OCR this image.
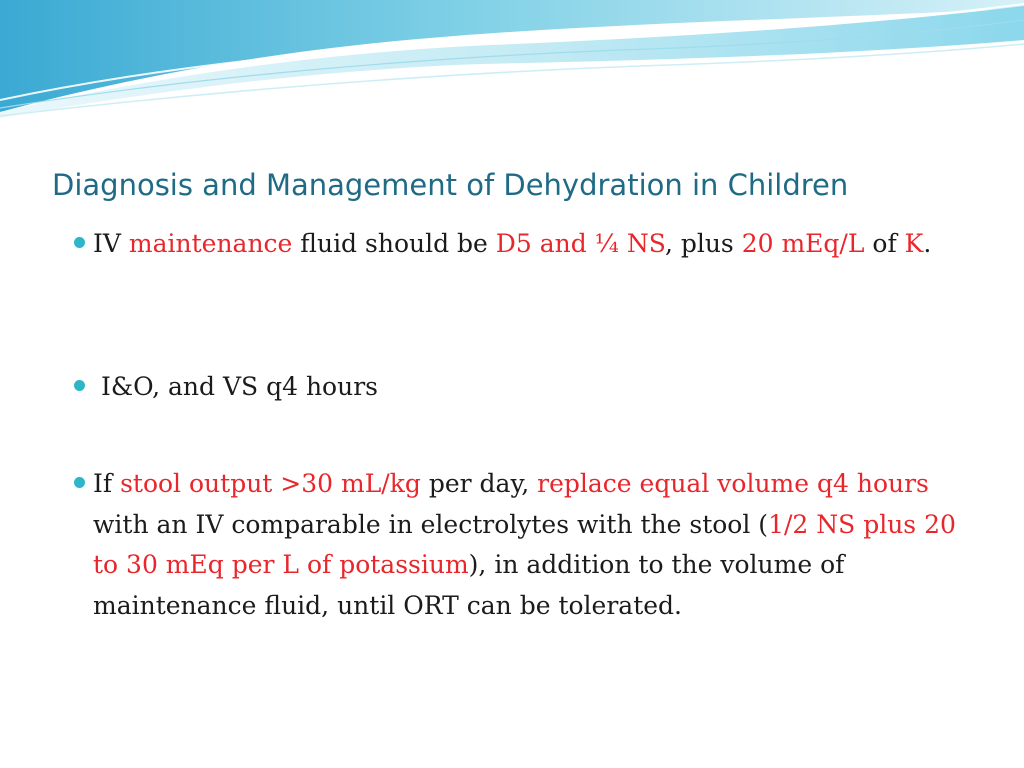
Diagnosis and Management of Dehydration in Children
IV maintenance fluid should be D5 and ¼ NS, plus 20 mEq/L of K.
I&O, and VS q4 hours
If stool output >30 mL/kg per day, replace equal volume q4 hours with an IV comparable in electrolytes with the stool (1/2 NS plus 20 to 30 mEq per L of potassium), in addition to the volume of maintenance fluid, until ORT can be tolerated.
